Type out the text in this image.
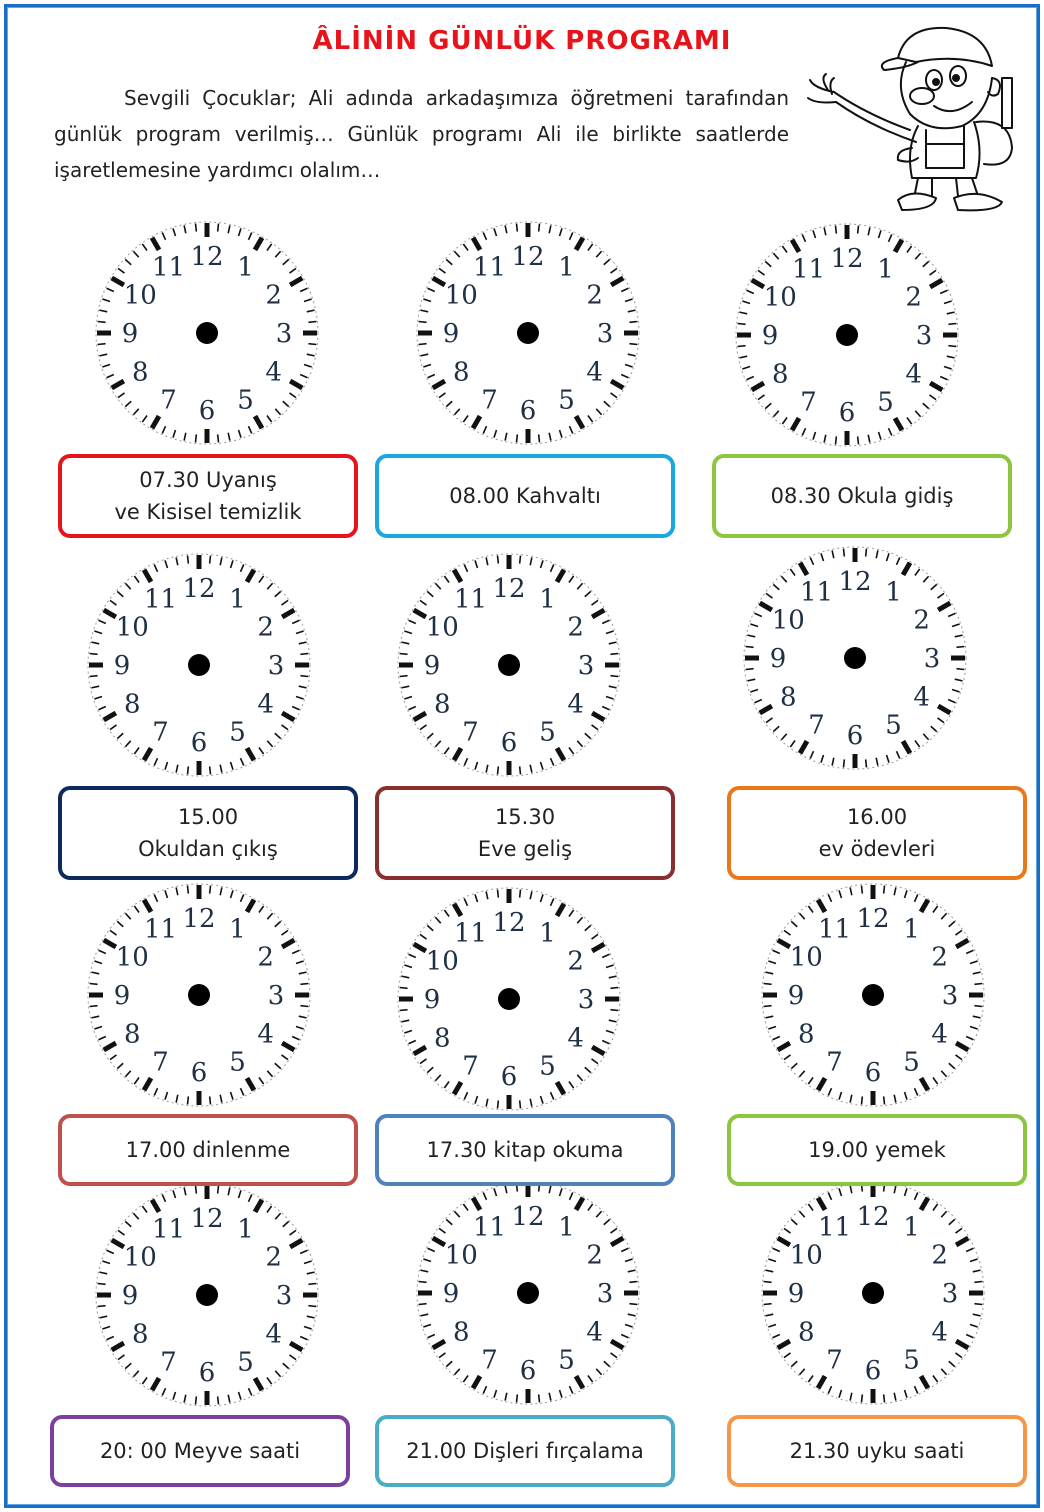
ÂLİNİN GÜNLÜK PROGRAMI

Sevgili Çocuklar; Ali adında arkadaşımıza öğretmeni tarafından günlük program verilmiş… Günlük programı Ali ile birlikte saatlerde işaretlemesine yardımcı olalım…

12 1
2
3
4
5
6
7
8
9
10
11	12 1
2
3
4
5
6
7
8
9
10
11	12 1
2
3
4
5
6
7
8
9
10
11
12 1
2
3
4
5
6
7
8
9
10
11	12 1
2
3
4
5
6
7
8
9
10
11
12 1
2
3
4
5
6
7
8
9
10
11
12 1
2
3
4
5
6
7
8
9
10
11	12 1
2
3
4
5
6
7
8
9
10
11	12 1
2
3
4
5
6
7
8
9
10
11
12 1
2
3
4
5
6
7
8
9
10
11	12 1
2
3
4
5
6
7
8
9
10
11	12 1
2
3
4
5
6
7
8
9
10
11
07.30 Uyanış
ve Kisisel temizlik
08.00 Kahvaltı	08.30 Okula gidiş
15.00
Okuldan çıkış
15.30
Eve geliş
16.00
ev ödevleri
17.00 dinlenme	17.30 kitap okuma	19.00 yemek
20: 00 Meyve saati	21.00 Dişleri fırçalama	21.30 uyku saati
